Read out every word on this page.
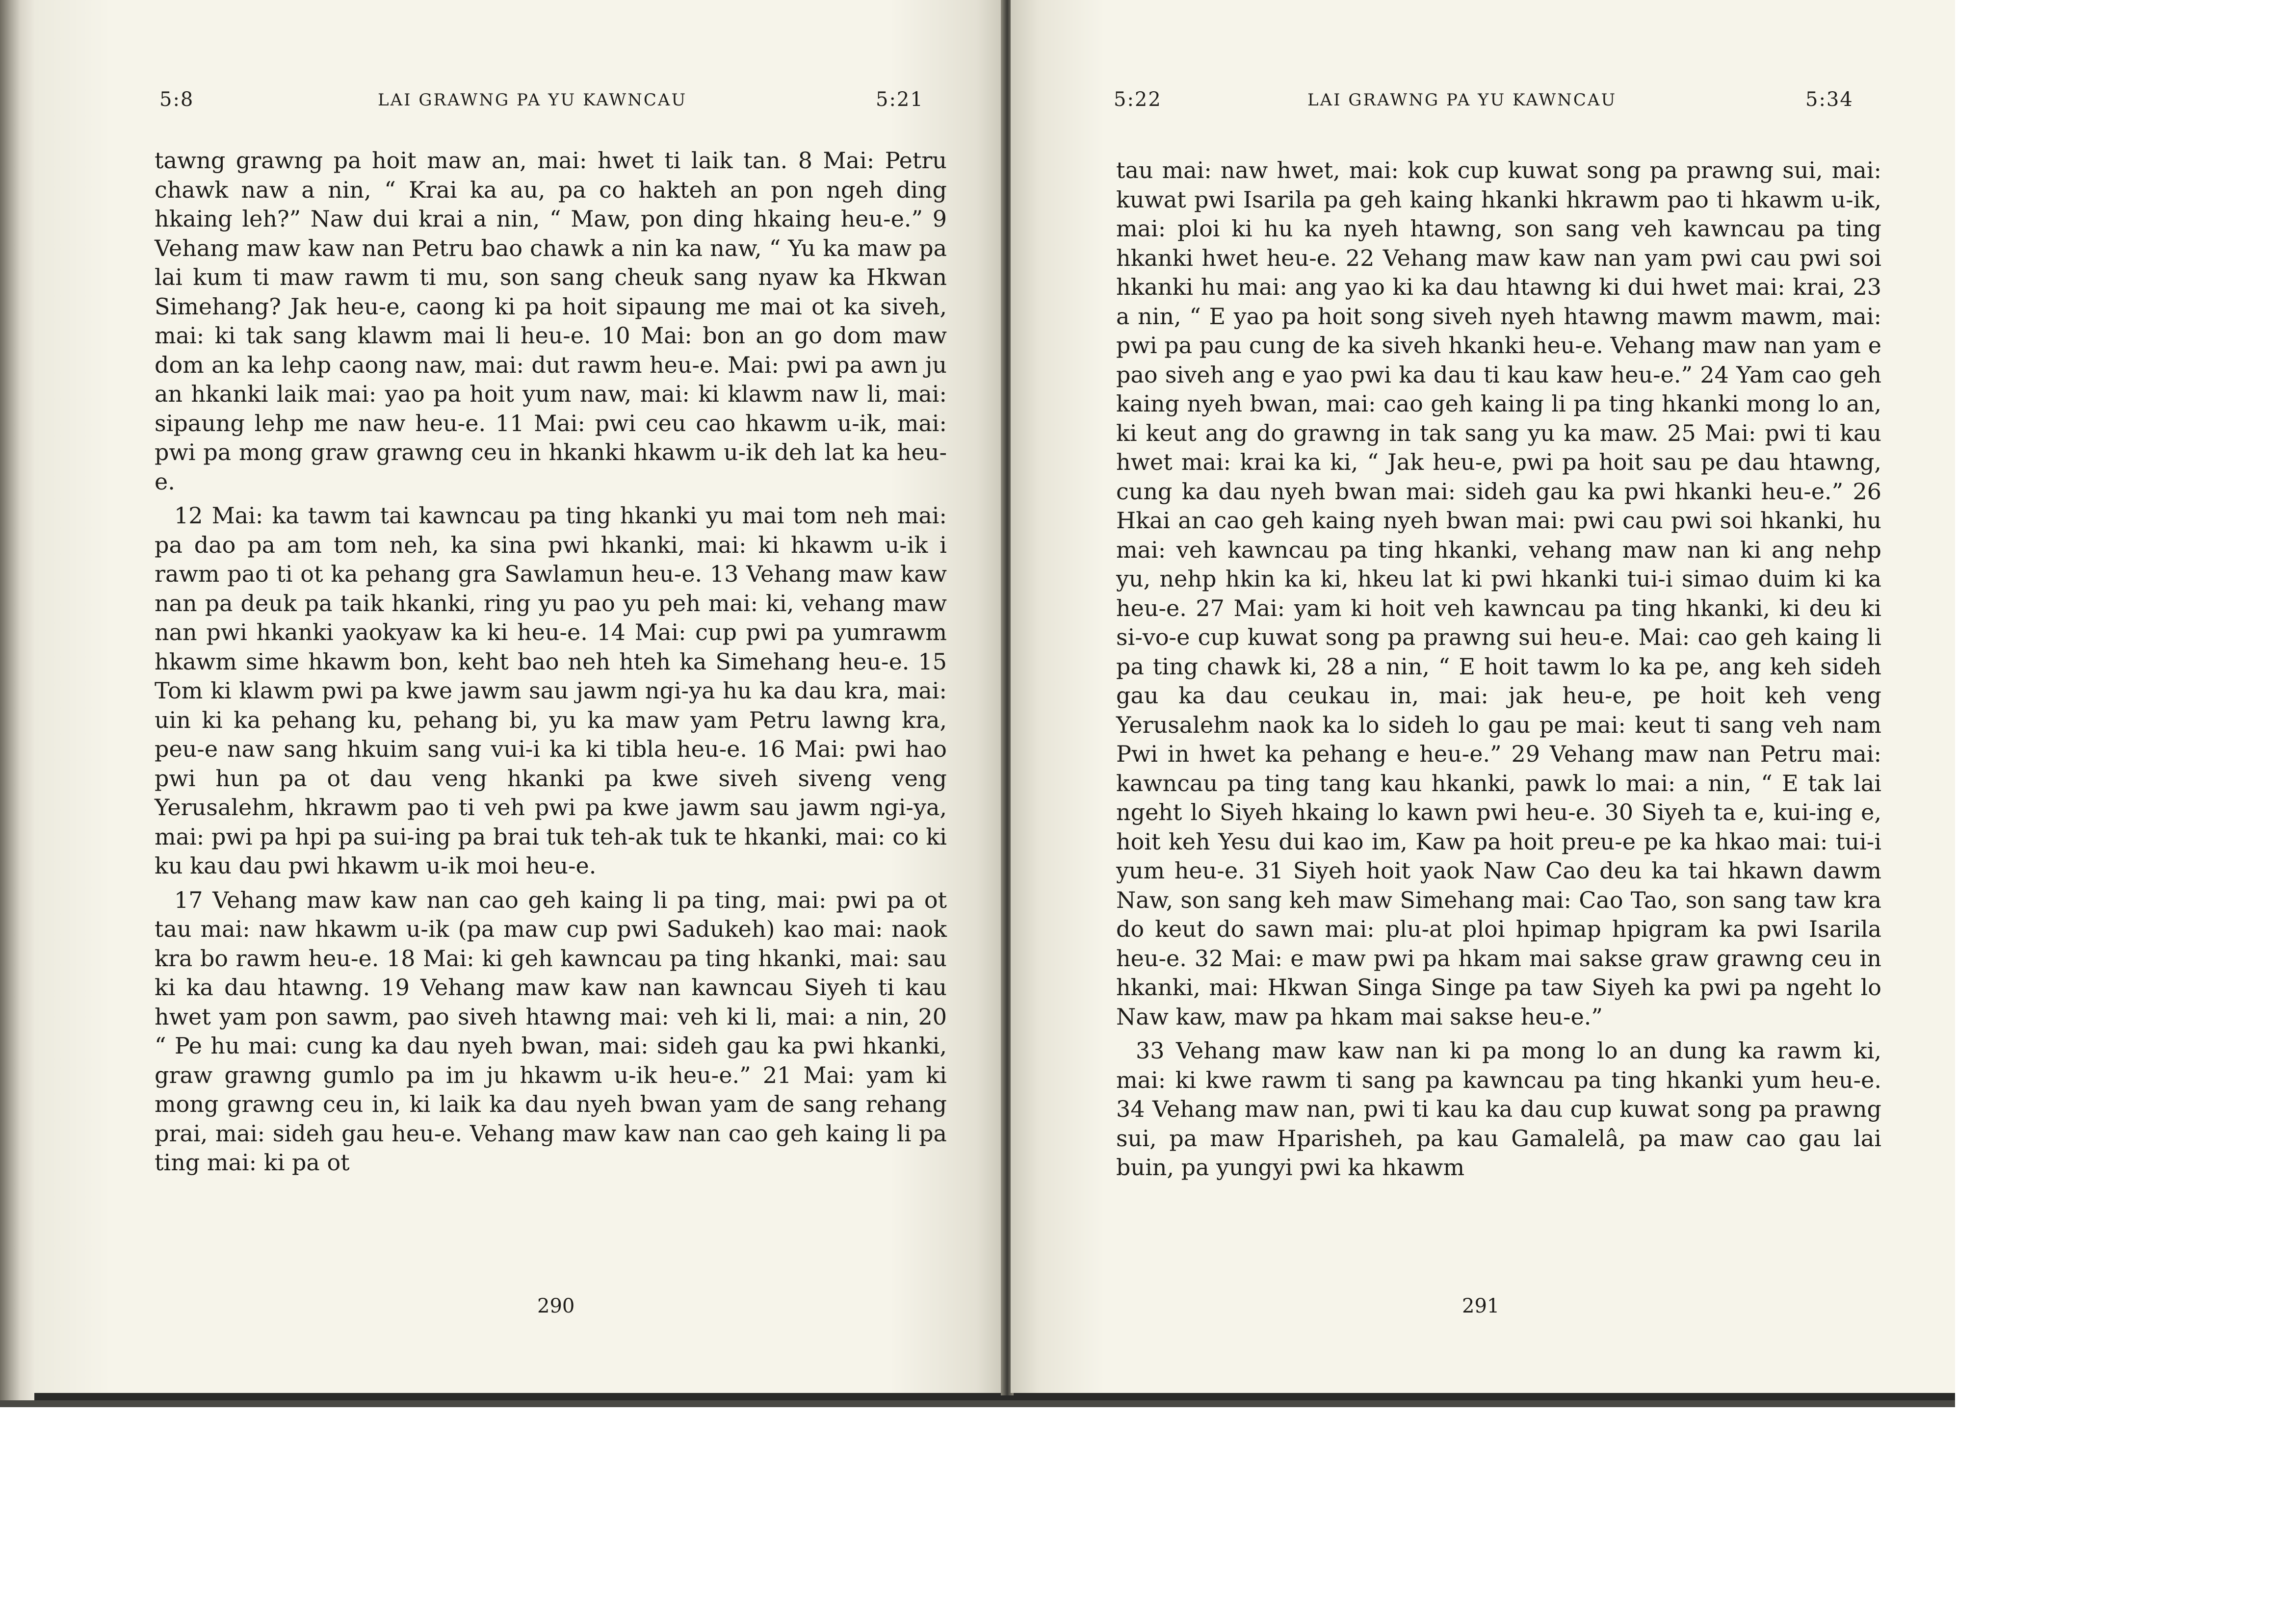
5:8	LAI GRAWNG PA YU KAWNCAU	5:21

tawng grawng pa hoit maw an, mai: hwet ti laik tan. 8 Mai: Petru chawk naw a nin, “ Krai ka au, pa co hakteh an pon ngeh ding hkaing leh?” Naw dui krai a nin, “ Maw, pon ding hkaing heu-e.” 9 Vehang maw kaw nan Petru bao chawk a nin ka naw, “ Yu ka maw pa lai kum ti maw rawm ti mu, son sang cheuk sang nyaw ka Hkwan Simehang? Jak heu-e, caong ki pa hoit sipaung me mai ot ka siveh, mai: ki tak sang klawm mai li heu-e. 10 Mai: bon an go dom maw dom an ka lehp caong naw, mai: dut rawm heu-e. Mai: pwi pa awn ju an hkanki laik mai: yao pa hoit yum naw, mai: ki klawm naw li, mai: sipaung lehp me naw heu-e. 11 Mai: pwi ceu cao hkawm u-ik, mai: pwi pa mong graw grawng ceu in hkanki hkawm u-ik deh lat ka heu-e.

12 Mai: ka tawm tai kawncau pa ting hkanki yu mai tom neh mai: pa dao pa am tom neh, ka sina pwi hkanki, mai: ki hkawm u-ik i rawm pao ti ot ka pehang gra Sawlamun heu-e. 13 Vehang maw kaw nan pa deuk pa taik hkanki, ring yu pao yu peh mai: ki, vehang maw nan pwi hkanki yaokyaw ka ki heu-e. 14 Mai: cup pwi pa yumrawm hkawm sime hkawm bon, keht bao neh hteh ka Simehang heu-e. 15 Tom ki klawm pwi pa kwe jawm sau jawm ngi-ya hu ka dau kra, mai: uin ki ka pehang ku, pehang bi, yu ka maw yam Petru lawng kra, peu-e naw sang hkuim sang vui-i ka ki tibla heu-e. 16 Mai: pwi hao pwi hun pa ot dau veng hkanki pa kwe siveh siveng veng Yerusalehm, hkrawm pao ti veh pwi pa kwe jawm sau jawm ngi-ya, mai: pwi pa hpi pa sui-ing pa brai tuk teh-ak tuk te hkanki, mai: co ki ku kau dau pwi hkawm u-ik moi heu-e.

17 Vehang maw kaw nan cao geh kaing li pa ting, mai: pwi pa ot tau mai: naw hkawm u-ik (pa maw cup pwi Sadukeh) kao mai: naok kra bo rawm heu-e. 18 Mai: ki geh kawncau pa ting hkanki, mai: sau ki ka dau htawng. 19 Vehang maw kaw nan kawncau Siyeh ti kau hwet yam pon sawm, pao siveh htawng mai: veh ki li, mai: a nin, 20 “ Pe hu mai: cung ka dau nyeh bwan, mai: sideh gau ka pwi hkanki, graw grawng gumlo pa im ju hkawm u-ik heu-e.” 21 Mai: yam ki mong grawng ceu in, ki laik ka dau nyeh bwan yam de sang rehang prai, mai: sideh gau heu-e. Vehang maw kaw nan cao geh kaing li pa ting mai: ki pa ot

290
5:22	LAI GRAWNG PA YU KAWNCAU	5:34

tau mai: naw hwet, mai: kok cup kuwat song pa prawng sui, mai: kuwat pwi Isarila pa geh kaing hkanki hkrawm pao ti hkawm u-ik, mai: ploi ki hu ka nyeh htawng, son sang veh kawncau pa ting hkanki hwet heu-e. 22 Vehang maw kaw nan yam pwi cau pwi soi hkanki hu mai: ang yao ki ka dau htawng ki dui hwet mai: krai, 23 a nin, “ E yao pa hoit song siveh nyeh htawng mawm mawm, mai: pwi pa pau cung de ka siveh hkanki heu-e. Vehang maw nan yam e pao siveh ang e yao pwi ka dau ti kau kaw heu-e.” 24 Yam cao geh kaing nyeh bwan, mai: cao geh kaing li pa ting hkanki mong lo an, ki keut ang do grawng in tak sang yu ka maw. 25 Mai: pwi ti kau hwet mai: krai ka ki, “ Jak heu-e, pwi pa hoit sau pe dau htawng, cung ka dau nyeh bwan mai: sideh gau ka pwi hkanki heu-e.” 26 Hkai an cao geh kaing nyeh bwan mai: pwi cau pwi soi hkanki, hu mai: veh kawncau pa ting hkanki, vehang maw nan ki ang nehp yu, nehp hkin ka ki, hkeu lat ki pwi hkanki tui-i simao duim ki ka heu-e. 27 Mai: yam ki hoit veh kawncau pa ting hkanki, ki deu ki si-vo-e cup kuwat song pa prawng sui heu-e. Mai: cao geh kaing li pa ting chawk ki, 28 a nin, “ E hoit tawm lo ka pe, ang keh sideh gau ka dau ceukau in, mai: jak heu-e, pe hoit keh veng Yerusalehm naok ka lo sideh lo gau pe mai: keut ti sang veh nam Pwi in hwet ka pehang e heu-e.” 29 Vehang maw nan Petru mai: kawncau pa ting tang kau hkanki, pawk lo mai: a nin, “ E tak lai ngeht lo Siyeh hkaing lo kawn pwi heu-e. 30 Siyeh ta e, kui-ing e, hoit keh Yesu dui kao im, Kaw pa hoit preu-e pe ka hkao mai: tui-i yum heu-e. 31 Siyeh hoit yaok Naw Cao deu ka tai hkawn dawm Naw, son sang keh maw Simehang mai: Cao Tao, son sang taw kra do keut do sawn mai: plu-at ploi hpimap hpigram ka pwi Isarila heu-e. 32 Mai: e maw pwi pa hkam mai sakse graw grawng ceu in hkanki, mai: Hkwan Singa Singe pa taw Siyeh ka pwi pa ngeht lo Naw kaw, maw pa hkam mai sakse heu-e.”

33 Vehang maw kaw nan ki pa mong lo an dung ka rawm ki, mai: ki kwe rawm ti sang pa kawncau pa ting hkanki yum heu-e. 34 Vehang maw nan, pwi ti kau ka dau cup kuwat song pa prawng sui, pa maw Hparisheh, pa kau Gamalelâ, pa maw cao gau lai buin, pa yungyi pwi ka hkawm

291
